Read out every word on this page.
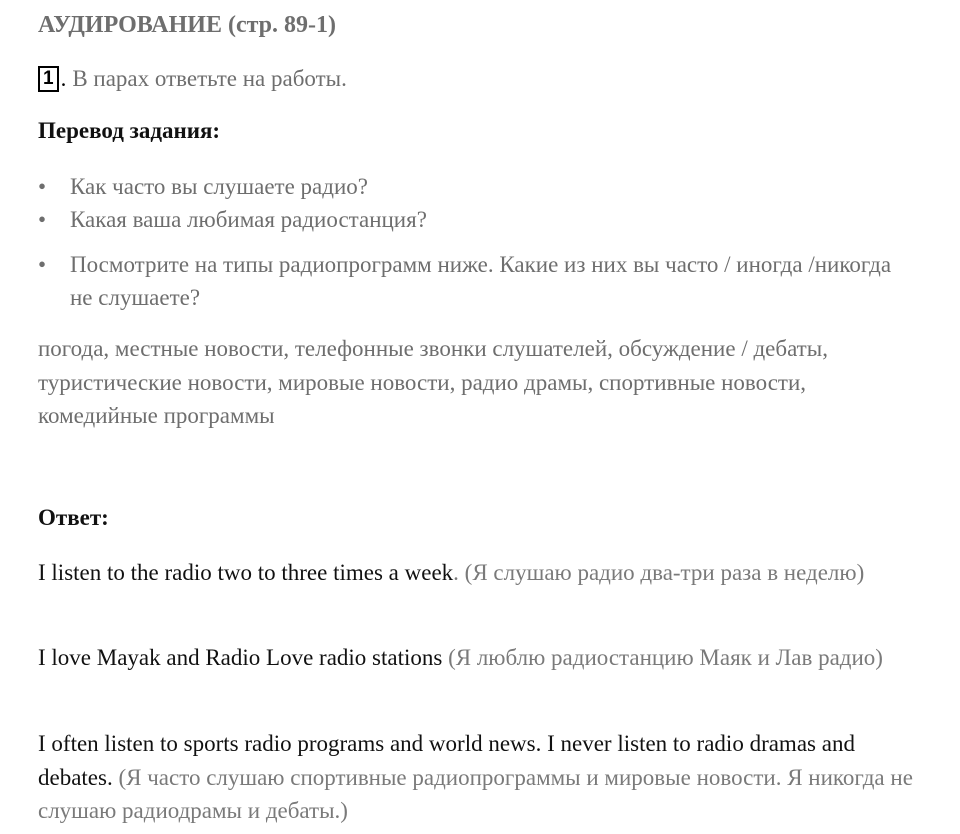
АУДИРОВАНИЕ (стр. 89-1)
1 . В парах ответьте на работы.
Перевод задания:
• Как часто вы слушаете радио?
• Какая ваша любимая радиостанция?
• Посмотрите на типы радиопрограмм ниже. Какие из них вы часто / иногда /никогда не слушаете?

погода, местные новости, телефонные звонки слушателей, обсуждение / дебаты, туристические новости, мировые новости, радио драмы, спортивные новости, комедийные программы

Ответ:

I listen to the radio two to three times a week. (Я слушаю радио два-три раза в неделю)

I love Mayak and Radio Love radio stations (Я люблю радиостанцию Маяк и Лав радио)

I often listen to sports radio programs and world news. I never listen to radio dramas and debates. (Я часто слушаю спортивные радиопрограммы и мировые новости. Я никогда не слушаю радиодрамы и дебаты.)
